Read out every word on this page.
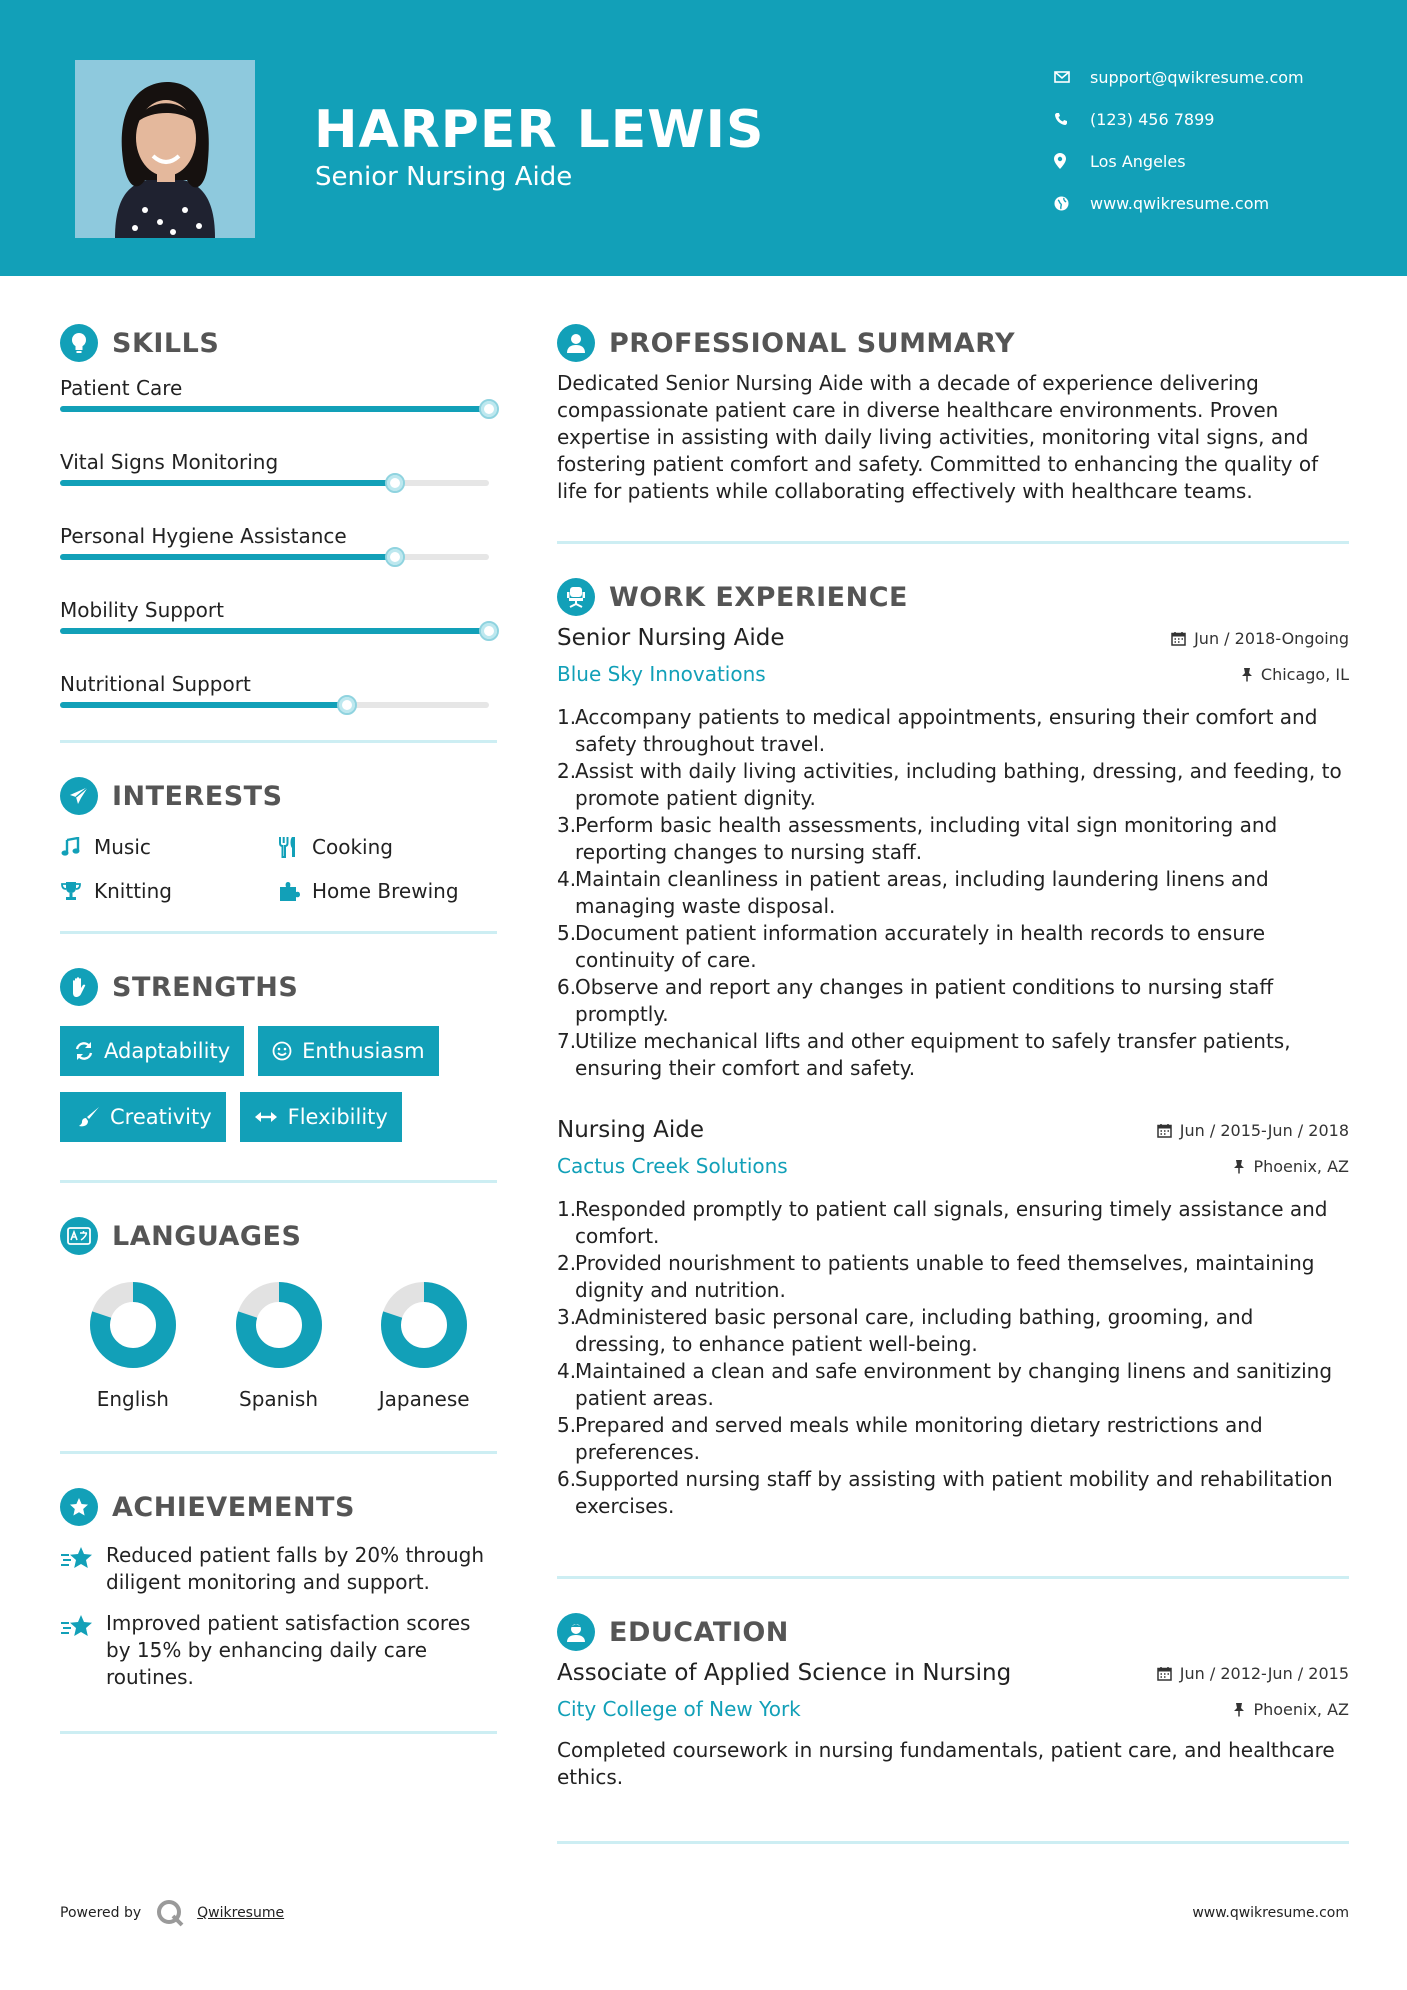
HARPER LEWIS
Senior Nursing Aide
support@qwikresume.com
(123) 456 7899
Los Angeles
www.qwikresume.com
SKILLS
Patient Care
Vital Signs Monitoring
Personal Hygiene Assistance
Mobility Support
Nutritional Support
INTERESTS
Music	Cooking
Knitting	Home Brewing
STRENGTHS
Adaptability	Enthusiasm
Creativity	Flexibility
LANGUAGES
English	Spanish	Japanese
ACHIEVEMENTS
Reduced patient falls by 20% through diligent monitoring and support.
Improved patient satisfaction scores by 15% by enhancing daily care routines.
PROFESSIONAL SUMMARY

Dedicated Senior Nursing Aide with a decade of experience delivering compassionate patient care in diverse healthcare environments. Proven expertise in assisting with daily living activities, monitoring vital signs, and fostering patient comfort and safety. Committed to enhancing the quality of life for patients while collaborating effectively with healthcare teams.

WORK EXPERIENCE
Senior Nursing Aide	Jun / 2018-Ongoing
Blue Sky Innovations	Chicago, IL
1.
Accompany patients to medical appointments, ensuring their comfort and safety throughout travel.
2.
Assist with daily living activities, including bathing, dressing, and feeding, to promote patient dignity.
3.
Perform basic health assessments, including vital sign monitoring and reporting changes to nursing staff.
4.
Maintain cleanliness in patient areas, including laundering linens and managing waste disposal.
5.
Document patient information accurately in health records to ensure continuity of care.
6.
Observe and report any changes in patient conditions to nursing staff promptly.
7.
Utilize mechanical lifts and other equipment to safely transfer patients, ensuring their comfort and safety.
Nursing Aide	Jun / 2015-Jun / 2018
Cactus Creek Solutions	Phoenix, AZ
1.
Responded promptly to patient call signals, ensuring timely assistance and comfort.
2.
Provided nourishment to patients unable to feed themselves, maintaining dignity and nutrition.
3.
Administered basic personal care, including bathing, grooming, and dressing, to enhance patient well-being.
4.
Maintained a clean and safe environment by changing linens and sanitizing patient areas.
5.
Prepared and served meals while monitoring dietary restrictions and preferences.
6.
Supported nursing staff by assisting with patient mobility and rehabilitation exercises.
EDUCATION
Associate of Applied Science in Nursing	Jun / 2012-Jun / 2015
City College of New York	Phoenix, AZ

Completed coursework in nursing fundamentals, patient care, and healthcare ethics.

Powered by	Qwikresume	www.qwikresume.com
